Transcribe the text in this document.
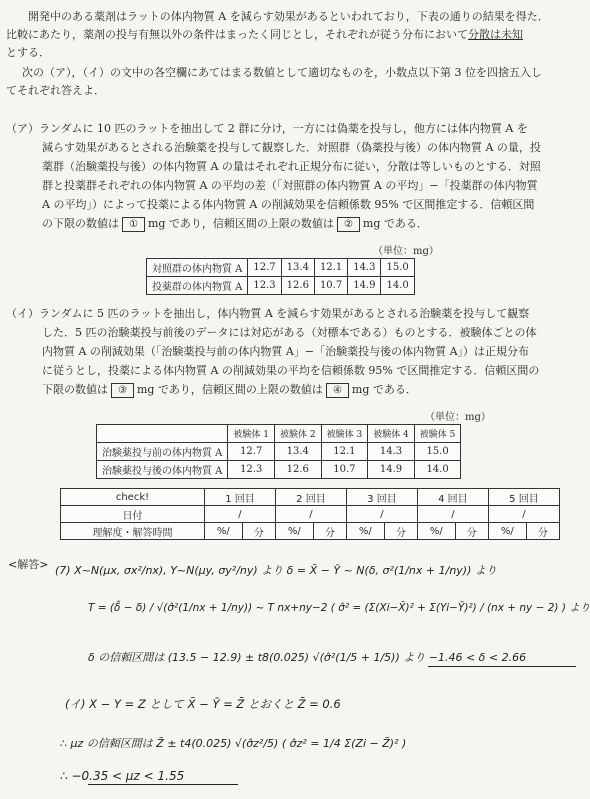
開発中のある薬剤はラットの体内物質 A を減らす効果があるといわれており，下表の通りの結果を得た．

比較にあたり，薬剤の投与有無以外の条件はまったく同じとし，それぞれが従う分布において分散は未知

とする．

次の（ア），（イ）の文中の各空欄にあてはまる数値として適切なものを，小数点以下第 3 位を四捨五入し

てそれぞれ答えよ．

（ア）ランダムに 10 匹のラットを抽出して 2 群に分け，一方には偽薬を投与し，他方には体内物質 A を

減らす効果があるとされる治験薬を投与して観察した．対照群（偽薬投与後）の体内物質 A の量，投

薬群（治験薬投与後）の体内物質 A の量はそれぞれ正規分布に従い，分散は等しいものとする．対照

群と投薬群それぞれの体内物質 A の平均の差（「対照群の体内物質 A の平均」−「投薬群の体内物質

A の平均」）によって投薬による体内物質 A の削減効果を信頼係数 95% で区間推定する．信頼区間

の下限の数値は ① mg であり，信頼区間の上限の数値は ② mg である．

（単位：mg）
対照群の体内物質 A	12.7	13.4	12.1	14.3	15.0
投薬群の体内物質 A	12.3	12.6	10.7	14.9	14.0

（イ）ランダムに 5 匹のラットを抽出し，体内物質 A を減らす効果があるとされる治験薬を投与して観察

した．5 匹の治験薬投与前後のデータには対応がある（対標本である）ものとする．被験体ごとの体

内物質 A の削減効果（「治験薬投与前の体内物質 A」−「治験薬投与後の体内物質 A」）は正規分布

に従うとし，投薬による体内物質 A の削減効果の平均を信頼係数 95% で区間推定する．信頼区間の

下限の数値は ③ mg であり，信頼区間の上限の数値は ④ mg である．

（単位：mg）
	被験体 1	被験体 2	被験体 3	被験体 4	被験体 5
治験薬投与前の体内物質 A	12.7	13.4	12.1	14.3	15.0
治験薬投与後の体内物質 A	12.3	12.6	10.7	14.9	14.0
check!	1 回目		2 回目		3 回目		4 回目		5 回目	
日付	/		/		/		/		/	
理解度・解答時間	%/	分	%/	分	%/	分	%/	分	%/	分
<解答> (7) X~N(μx, σx²/nx), Y~N(μy, σy²/ny) より δ = X̄ − Ȳ ~ N(δ, σ²(1/nx + 1/ny)) より
T = (δ̂ − δ) / √(σ̂²(1/nx + 1/ny)) ~ T nx+ny−2 ( σ̂² = (Σ(Xi−X̄)² + Σ(Yi−Ȳ)²) / (nx + ny − 2) ) より
δ の信頼区間は (13.5 − 12.9) ± t8(0.025) √(σ̂²(1/5 + 1/5)) より −1.46 < δ < 2.66
(イ) X − Y = Z として X̄ − Ȳ = Z̄ とおくと Z̄ = 0.6
∴ μz の信頼区間は Z̄ ± t4(0.025) √(σ̂z²/5) ( σ̂z² = 1/4 Σ(Zi − Z̄)² )
∴ −0.35 < μz < 1.55
